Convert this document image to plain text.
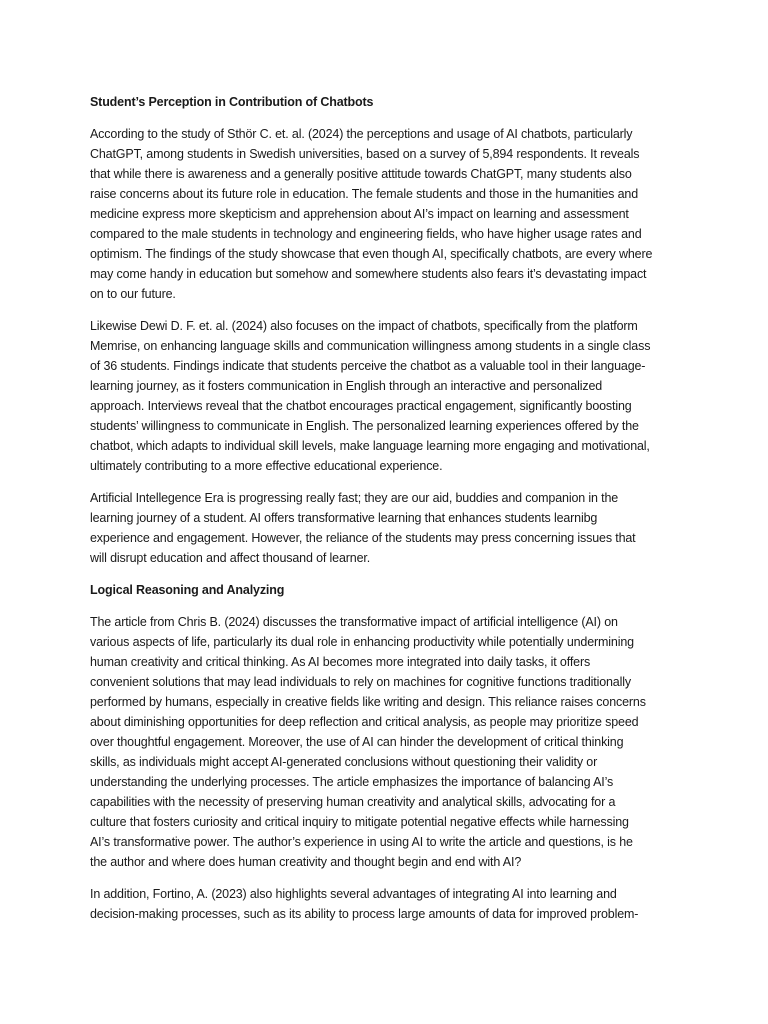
Student’s Perception in Contribution of Chatbots

According to the study of Sthör C. et. al. (2024) the perceptions and usage of AI chatbots, particularly
ChatGPT, among students in Swedish universities, based on a survey of 5,894 respondents. It reveals
that while there is awareness and a generally positive attitude towards ChatGPT, many students also
raise concerns about its future role in education. The female students and those in the humanities and
medicine express more skepticism and apprehension about AI’s impact on learning and assessment
compared to the male students in technology and engineering fields, who have higher usage rates and
optimism. The findings of the study showcase that even though AI, specifically chatbots, are every where
may come handy in education but somehow and somewhere students also fears it’s devastating impact
on to our future.

Likewise Dewi D. F. et. al. (2024) also focuses on the impact of chatbots, specifically from the platform
Memrise, on enhancing language skills and communication willingness among students in a single class
of 36 students. Findings indicate that students perceive the chatbot as a valuable tool in their language-
learning journey, as it fosters communication in English through an interactive and personalized
approach. Interviews reveal that the chatbot encourages practical engagement, significantly boosting
students’ willingness to communicate in English. The personalized learning experiences offered by the
chatbot, which adapts to individual skill levels, make language learning more engaging and motivational,
ultimately contributing to a more effective educational experience.

Artificial Intellegence Era is progressing really fast; they are our aid, buddies and companion in the
learning journey of a student. AI offers transformative learning that enhances students learnibg
experience and engagement. However, the reliance of the students may press concerning issues that
will disrupt education and affect thousand of learner.

Logical Reasoning and Analyzing

The article from Chris B. (2024) discusses the transformative impact of artificial intelligence (AI) on
various aspects of life, particularly its dual role in enhancing productivity while potentially undermining
human creativity and critical thinking. As AI becomes more integrated into daily tasks, it offers
convenient solutions that may lead individuals to rely on machines for cognitive functions traditionally
performed by humans, especially in creative fields like writing and design. This reliance raises concerns
about diminishing opportunities for deep reflection and critical analysis, as people may prioritize speed
over thoughtful engagement. Moreover, the use of AI can hinder the development of critical thinking
skills, as individuals might accept AI-generated conclusions without questioning their validity or
understanding the underlying processes. The article emphasizes the importance of balancing AI’s
capabilities with the necessity of preserving human creativity and analytical skills, advocating for a
culture that fosters curiosity and critical inquiry to mitigate potential negative effects while harnessing
AI’s transformative power. The author’s experience in using AI to write the article and questions, is he
the author and where does human creativity and thought begin and end with AI?

In addition, Fortino, A. (2023) also highlights several advantages of integrating AI into learning and
decision-making processes, such as its ability to process large amounts of data for improved problem-
